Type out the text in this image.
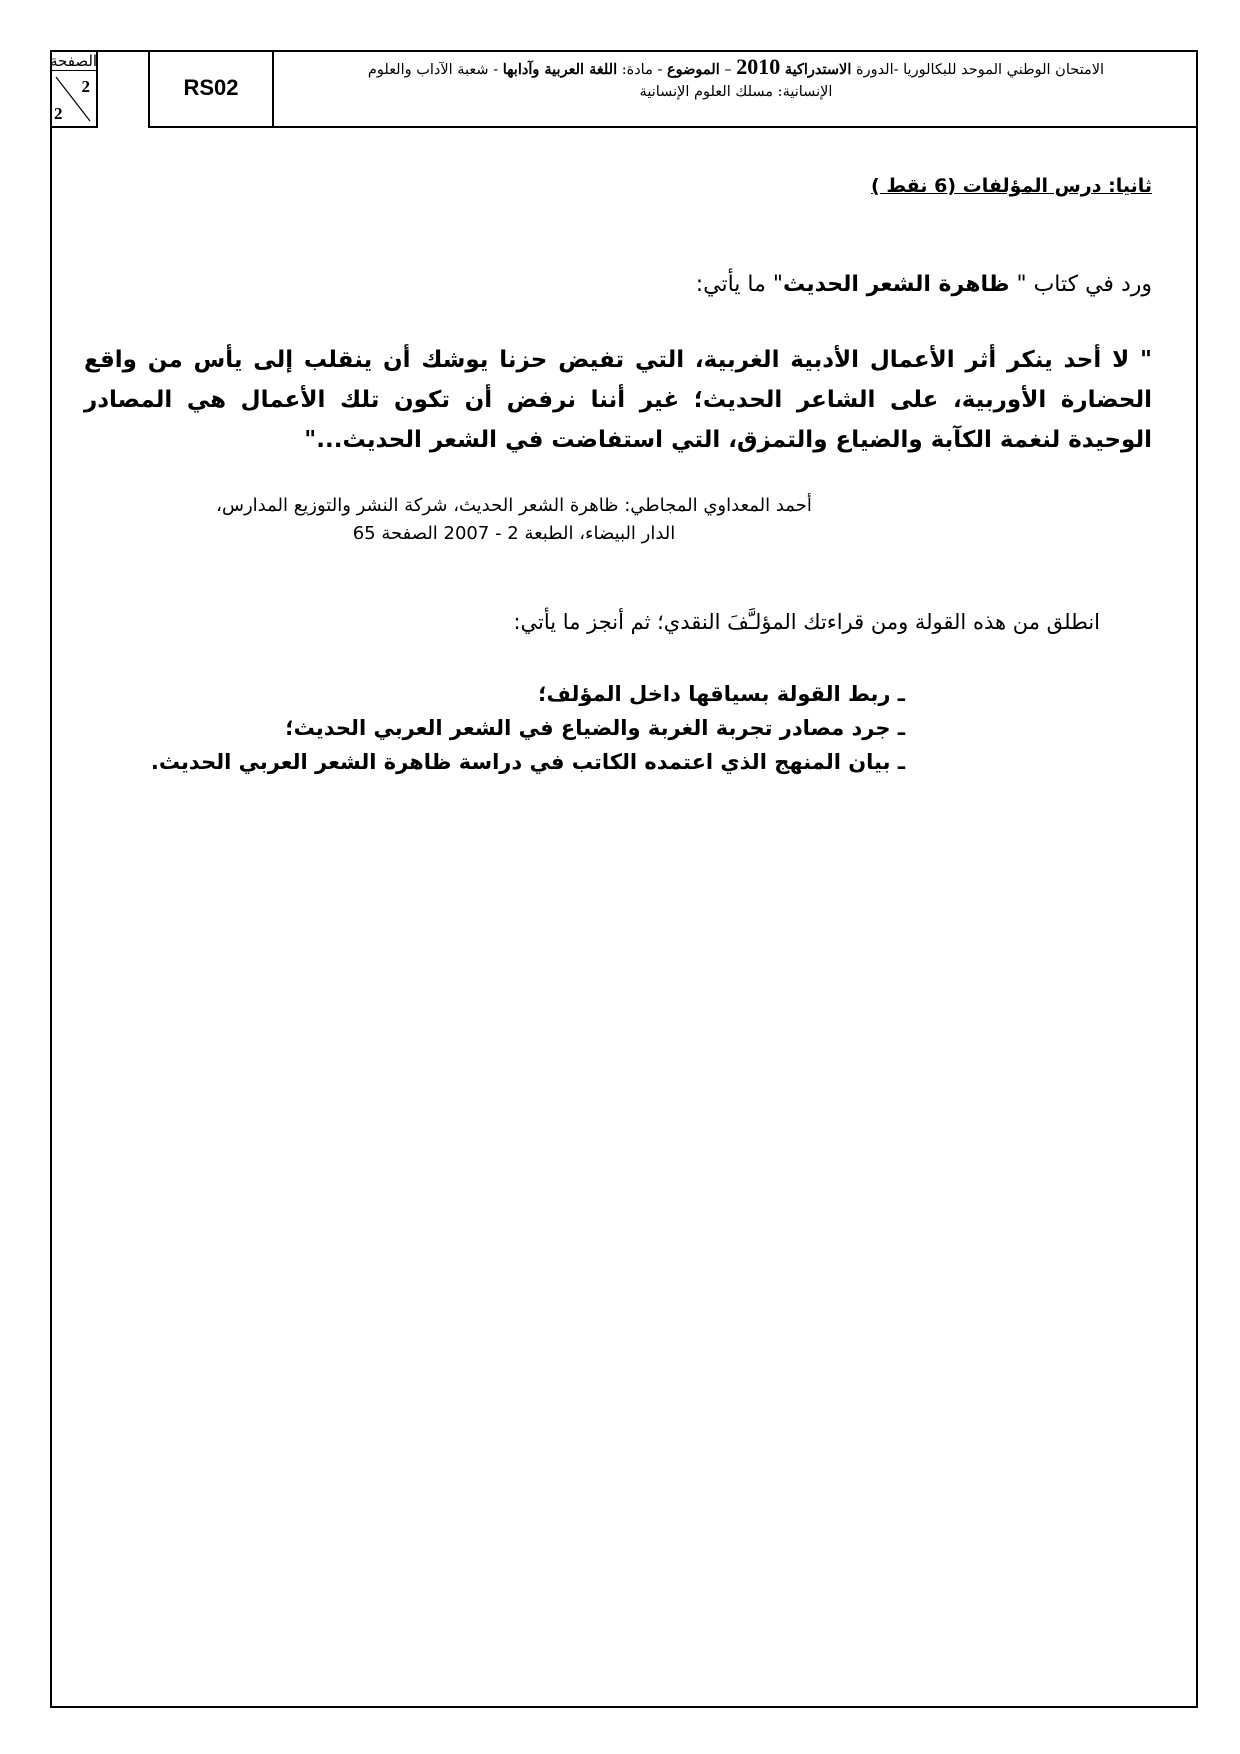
الصفحة
2
2
RS02
الامتحان الوطني الموحد للبكالوريا -الدورة الاستدراكية 2010 – الموضوع - مادة: اللغة العربية وآدابها - شعبة الآداب والعلوم
الإنسانية: مسلك العلوم الإنسانية
ثانيا: درس المؤلفات (6 نقط )
ورد في كتاب " ظاهرة الشعر الحديث" ما يأتي:
" لا أحد ينكر أثر الأعمال الأدبية الغربية، التي تفيض حزنا يوشك أن ينقلب إلى يأس من واقع الحضارة الأوربية، على الشاعر الحديث؛ غير أننا نرفض أن تكون تلك الأعمال هي المصادر الوحيدة لنغمة الكآبة والضياع والتمزق، التي استفاضت في الشعر الحديث..."
أحمد المعداوي المجاطي: ظاهرة الشعر الحديث، شركة النشر والتوزيع المدارس،
الدار البيضاء، الطبعة 2 - 2007 الصفحة 65
انطلق من هذه القولة ومن قراءتك المؤلـَّفَ النقدي؛ ثم أنجز ما يأتي:
ـ ربط القولة بسياقها داخل المؤلف؛
ـ جرد مصادر تجربة الغربة والضياع في الشعر العربي الحديث؛
ـ بيان المنهج الذي اعتمده الكاتب في دراسة ظاهرة الشعر العربي الحديث.
